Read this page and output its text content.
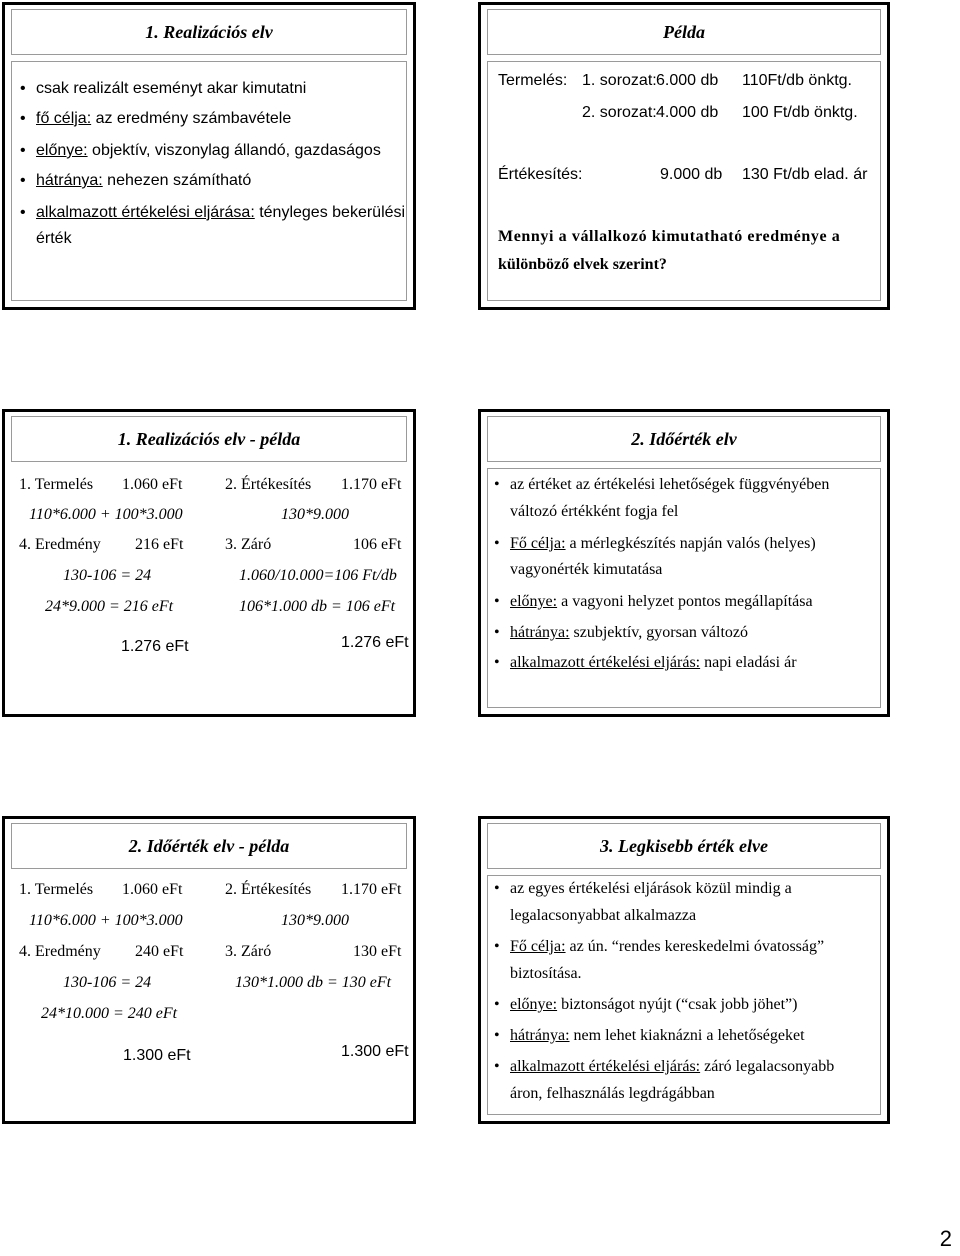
1. Realizációs elv
• csak realizált eseményt akar kimutatni
• fő célja: az eredmény számbavétele
• előnye: objektív, viszonylag állandó, gazdaságos
• hátránya: nehezen számítható
• alkalmazott értékelési eljárása: tényleges bekerülési
érték
Példa
Termelés: 1. sorozat: 6.000 db 110Ft/db önktg.
2. sorozat: 4.000 db 100 Ft/db önktg.
Értékesítés:	9.000 db 130 Ft/db elad. ár
Mennyi a vállalkozó kimutatható eredménye a
különböző elvek szerint?
1. Realizációs elv - példa
1. Termelés 1.060 eFt	2. Értékesítés 1.170 eFt
110*6.000 + 100*3.000	130*9.000
4. Eredmény 216 eFt	3. Záró	106 eFt
130-106 = 24	1.060/10.000=106 Ft/db
24*9.000 = 216 eFt	106*1.000 db = 106 eFt
1.276 eFt	1.276 eFt
2. Időérték elv
• az értéket az értékelési lehetőségek függvényében
változó értékként fogja fel
• Fő célja: a mérlegkészítés napján valós (helyes)
vagyonérték kimutatása
• előnye: a vagyoni helyzet pontos megállapítása
• hátránya: szubjektív, gyorsan változó
• alkalmazott értékelési eljárás: napi eladási ár
2. Időérték elv - példa
1. Termelés 1.060 eFt	2. Értékesítés 1.170 eFt
110*6.000 + 100*3.000	130*9.000
4. Eredmény 240 eFt	3. Záró	130 eFt
130-106 = 24	130*1.000 db = 130 eFt
24*10.000 = 240 eFt
1.300 eFt	1.300 eFt
3. Legkisebb érték elve
• az egyes értékelési eljárások közül mindig a
legalacsonyabbat alkalmazza
• Fő célja: az ún. “rendes kereskedelmi óvatosság”
biztosítása.
• előnye: biztonságot nyújt (“csak jobb jöhet”)
• hátránya: nem lehet kiaknázni a lehetőségeket
• alkalmazott értékelési eljárás: záró legalacsonyabb
áron, felhasználás legdrágábban
2
